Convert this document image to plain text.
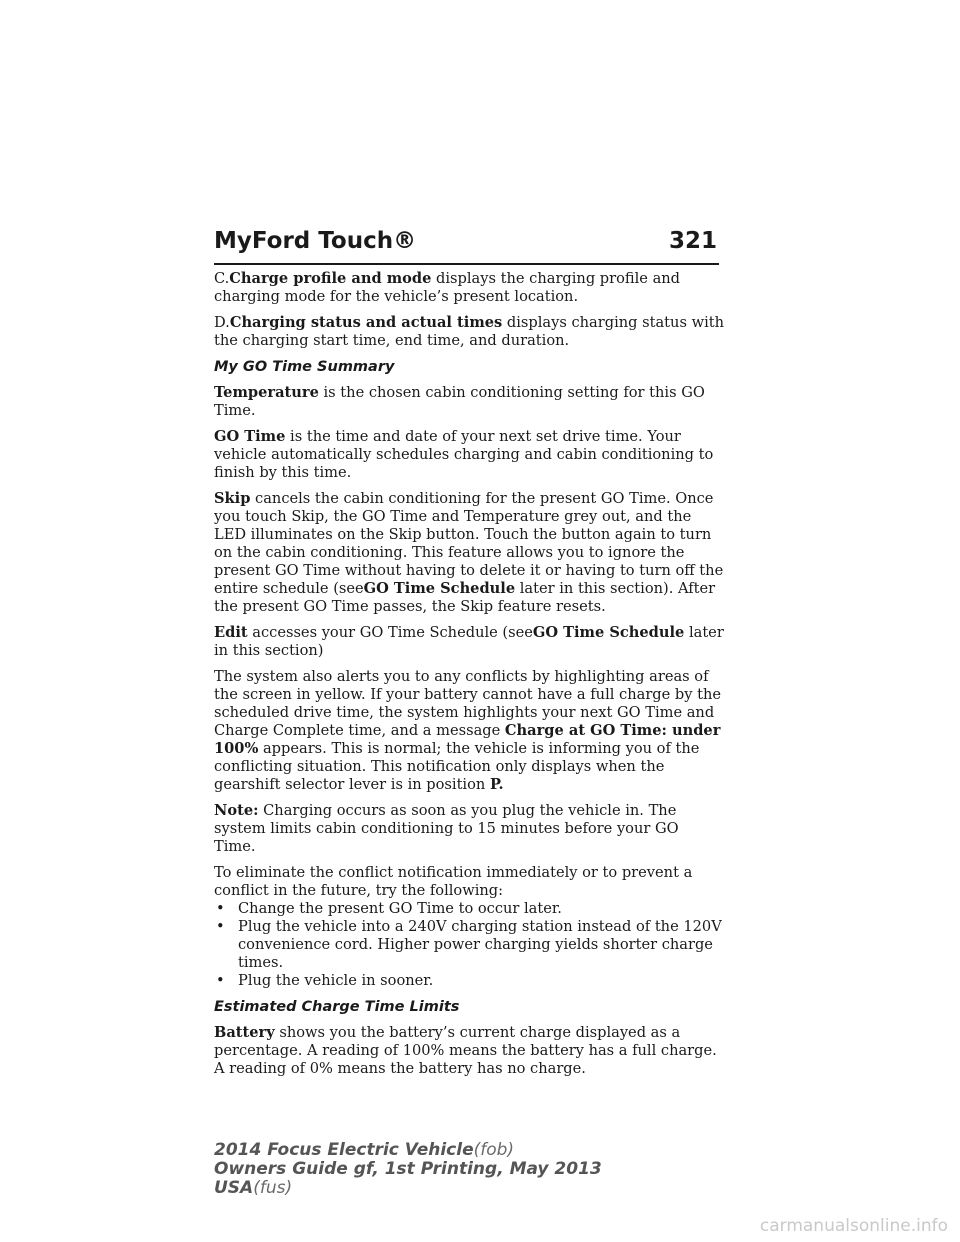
MyFord Touch®	321

C.Charge profile and mode displays the charging profile and charging mode for the vehicle’s present location.

D.Charging status and actual times displays charging status with the charging start time, end time, and duration.

My GO Time Summary

Temperature is the chosen cabin conditioning setting for this GO Time.

GO Time is the time and date of your next set drive time. Your vehicle automatically schedules charging and cabin conditioning to finish by this time.

Skip cancels the cabin conditioning for the present GO Time. Once you touch Skip, the GO Time and Temperature grey out, and the LED illuminates on the Skip button. Touch the button again to turn on the cabin conditioning. This feature allows you to ignore the present GO Time without having to delete it or having to turn off the entire schedule (seeGO Time Schedule later in this section). After the present GO Time passes, the Skip feature resets.

Edit accesses your GO Time Schedule (seeGO Time Schedule later in this section)

The system also alerts you to any conflicts by highlighting areas of the screen in yellow. If your battery cannot have a full charge by the scheduled drive time, the system highlights your next GO Time and Charge Complete time, and a message Charge at GO Time: under 100% appears. This is normal; the vehicle is informing you of the conflicting situation. This notification only displays when the gearshift selector lever is in position P.

Note: Charging occurs as soon as you plug the vehicle in. The system limits cabin conditioning to 15 minutes before your GO Time.

To eliminate the conflict notification immediately or to prevent a conflict in the future, try the following:

• Change the present GO Time to occur later.
• Plug the vehicle into a 240V charging station instead of the 120V convenience cord. Higher power charging yields shorter charge times.
• Plug the vehicle in sooner.

Estimated Charge Time Limits

Battery shows you the battery’s current charge displayed as a percentage. A reading of 100% means the battery has a full charge. A reading of 0% means the battery has no charge.

2014 Focus Electric Vehicle(fob)
Owners Guide gf, 1st Printing, May 2013
USA(fus)
carmanualsonline.info
